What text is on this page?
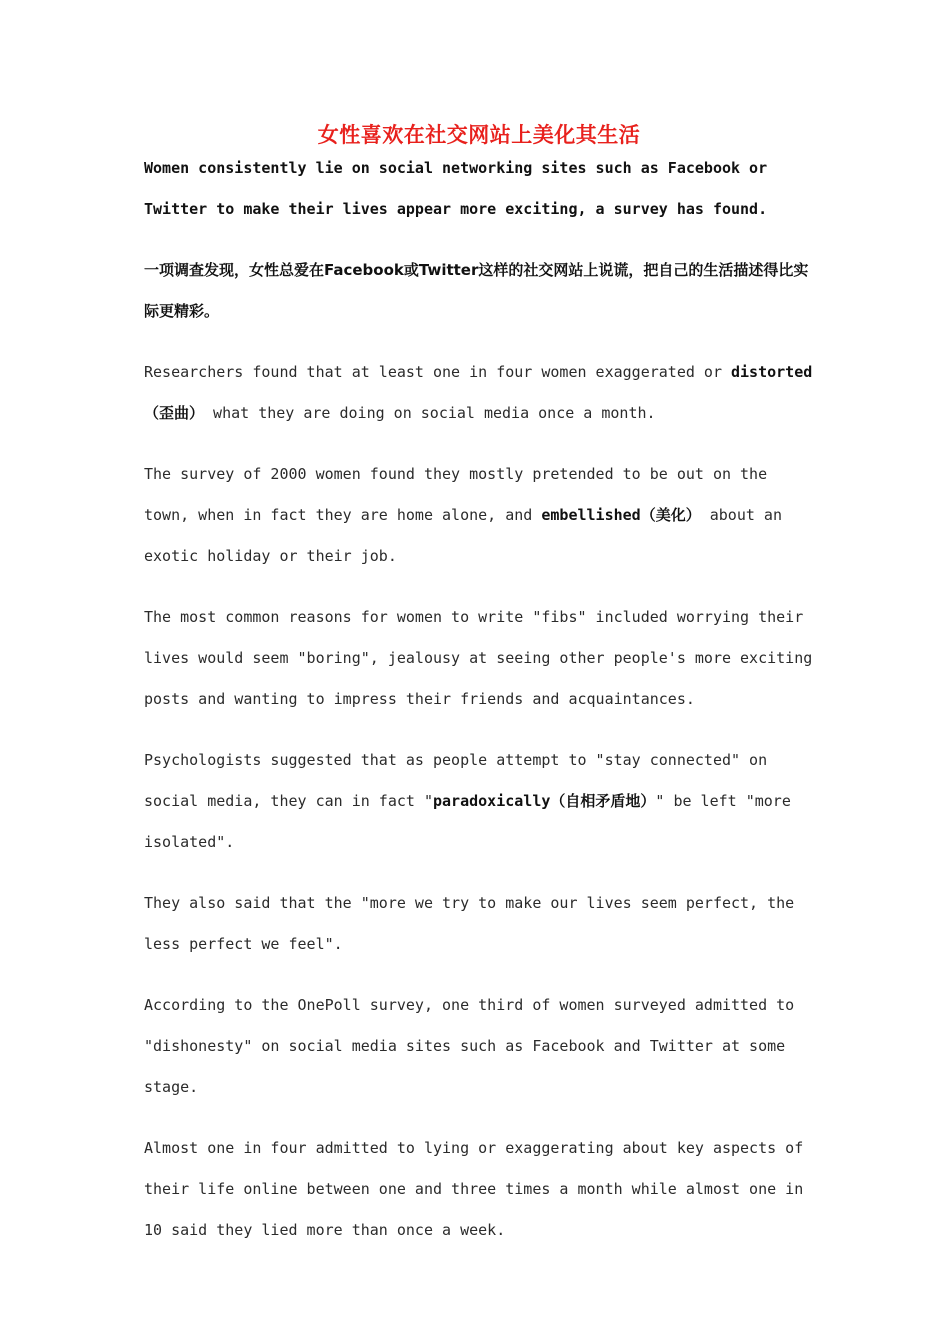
女性喜欢在社交网站上美化其生活

Women consistently lie on social networking sites such as Facebook or Twitter to make their lives appear more exciting, a survey has found.

一项调查发现，女性总爱在Facebook或Twitter这样的社交网站上说谎，把自己的生活描述得比实际更精彩。

Researchers found that at least one in four women exaggerated or distorted（歪曲） what they are doing on social media once a month.

The survey of 2000 women found they mostly pretended to be out on the town, when in fact they are home alone, and embellished（美化） about an exotic holiday or their job.

The most common reasons for women to write "fibs" included worrying their lives would seem "boring", jealousy at seeing other people's more exciting posts and wanting to impress their friends and acquaintances.

Psychologists suggested that as people attempt to "stay connected" on social media, they can in fact "paradoxically（自相矛盾地）" be left "more isolated".

They also said that the "more we try to make our lives seem perfect, the less perfect we feel".

According to the OnePoll survey, one third of women surveyed admitted to "dishonesty" on social media sites such as Facebook and Twitter at some stage.

Almost one in four admitted to lying or exaggerating about key aspects of their life online between one and three times a month while almost one in 10 said they lied more than once a week.
